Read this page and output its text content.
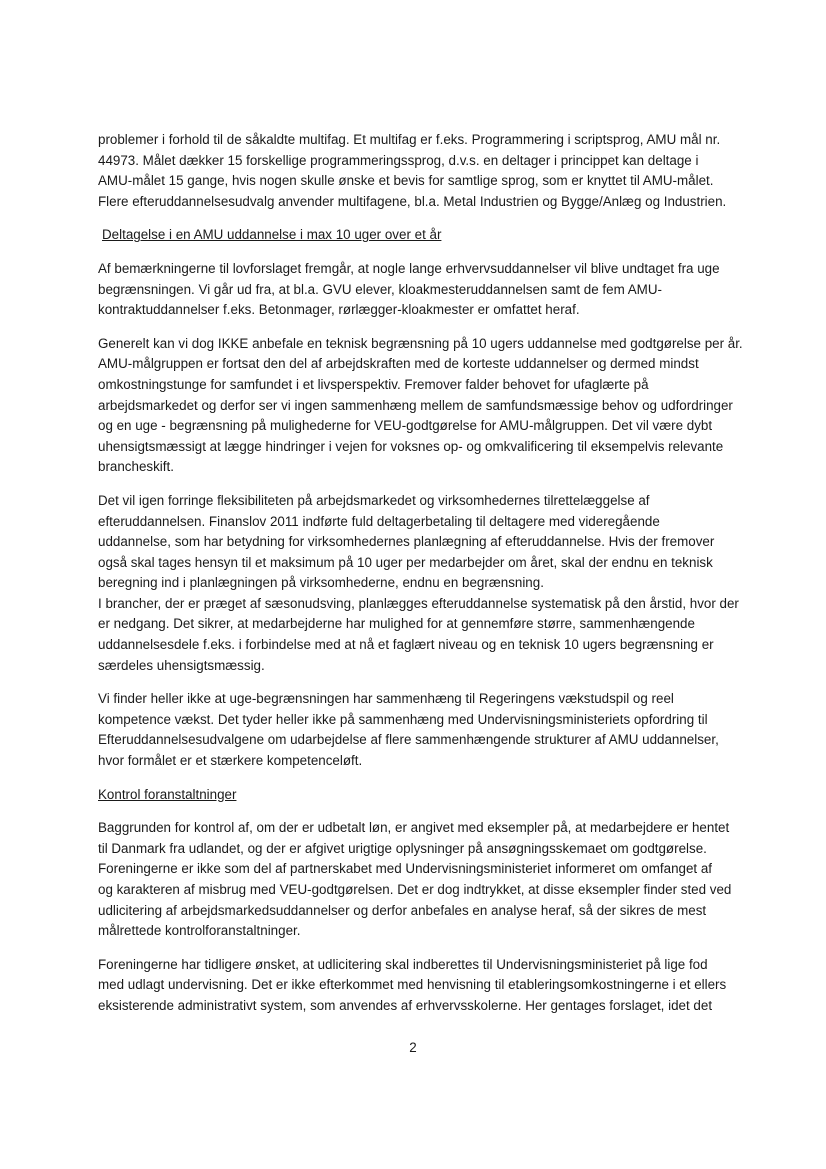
problemer i forhold til de såkaldte multifag. Et multifag er f.eks. Programmering i scriptsprog, AMU mål nr.
44973. Målet dækker 15 forskellige programmeringssprog, d.v.s. en deltager i princippet kan deltage i
AMU-målet 15 gange, hvis nogen skulle ønske et bevis for samtlige sprog, som er knyttet til AMU-målet.
Flere efteruddannelsesudvalg anvender multifagene, bl.a. Metal Industrien og Bygge/Anlæg og Industrien.
Deltagelse i en AMU uddannelse i max 10 uger over et år
Af bemærkningerne til lovforslaget fremgår, at nogle lange erhvervsuddannelser vil blive undtaget fra uge
begrænsningen. Vi går ud fra, at bl.a. GVU elever, kloakmesteruddannelsen samt de fem AMU-
kontraktuddannelser f.eks. Betonmager, rørlægger-kloakmester er omfattet heraf.
Generelt kan vi dog IKKE anbefale en teknisk begrænsning på 10 ugers uddannelse med godtgørelse per år.
AMU-målgruppen er fortsat den del af arbejdskraften med de korteste uddannelser og dermed mindst
omkostningstunge for samfundet i et livsperspektiv. Fremover falder behovet for ufaglærte på
arbejdsmarkedet og derfor ser vi ingen sammenhæng mellem de samfundsmæssige behov og udfordringer
og en uge - begrænsning på mulighederne for VEU-godtgørelse for AMU-målgruppen. Det vil være dybt
uhensigtsmæssigt at lægge hindringer i vejen for voksnes op- og omkvalificering til eksempelvis relevante
brancheskift.
Det vil igen forringe fleksibiliteten på arbejdsmarkedet og virksomhedernes tilrettelæggelse af
efteruddannelsen. Finanslov 2011 indførte fuld deltagerbetaling til deltagere med videregående
uddannelse, som har betydning for virksomhedernes planlægning af efteruddannelse. Hvis der fremover
også skal tages hensyn til et maksimum på 10 uger per medarbejder om året, skal der endnu en teknisk
beregning ind i planlægningen på virksomhederne, endnu en begrænsning.
I brancher, der er præget af sæsonudsving, planlægges efteruddannelse systematisk på den årstid, hvor der
er nedgang. Det sikrer, at medarbejderne har mulighed for at gennemføre større, sammenhængende
uddannelsesdele f.eks. i forbindelse med at nå et faglært niveau og en teknisk 10 ugers begrænsning er
særdeles uhensigtsmæssig.
Vi finder heller ikke at uge-begrænsningen har sammenhæng til Regeringens vækstudspil og reel
kompetence vækst. Det tyder heller ikke på sammenhæng med Undervisningsministeriets opfordring til
Efteruddannelsesudvalgene om udarbejdelse af flere sammenhængende strukturer af AMU uddannelser,
hvor formålet er et stærkere kompetenceløft.
Kontrol foranstaltninger
Baggrunden for kontrol af, om der er udbetalt løn, er angivet med eksempler på, at medarbejdere er hentet
til Danmark fra udlandet, og der er afgivet urigtige oplysninger på ansøgningsskemaet om godtgørelse.
Foreningerne er ikke som del af partnerskabet med Undervisningsministeriet informeret om omfanget af
og karakteren af misbrug med VEU-godtgørelsen. Det er dog indtrykket, at disse eksempler finder sted ved
udlicitering af arbejdsmarkedsuddannelser og derfor anbefales en analyse heraf, så der sikres de mest
målrettede kontrolforanstaltninger.
Foreningerne har tidligere ønsket, at udlicitering skal indberettes til Undervisningsministeriet på lige fod
med udlagt undervisning. Det er ikke efterkommet med henvisning til etableringsomkostningerne i et ellers
eksisterende administrativt system, som anvendes af erhvervsskolerne. Her gentages forslaget, idet det
2
